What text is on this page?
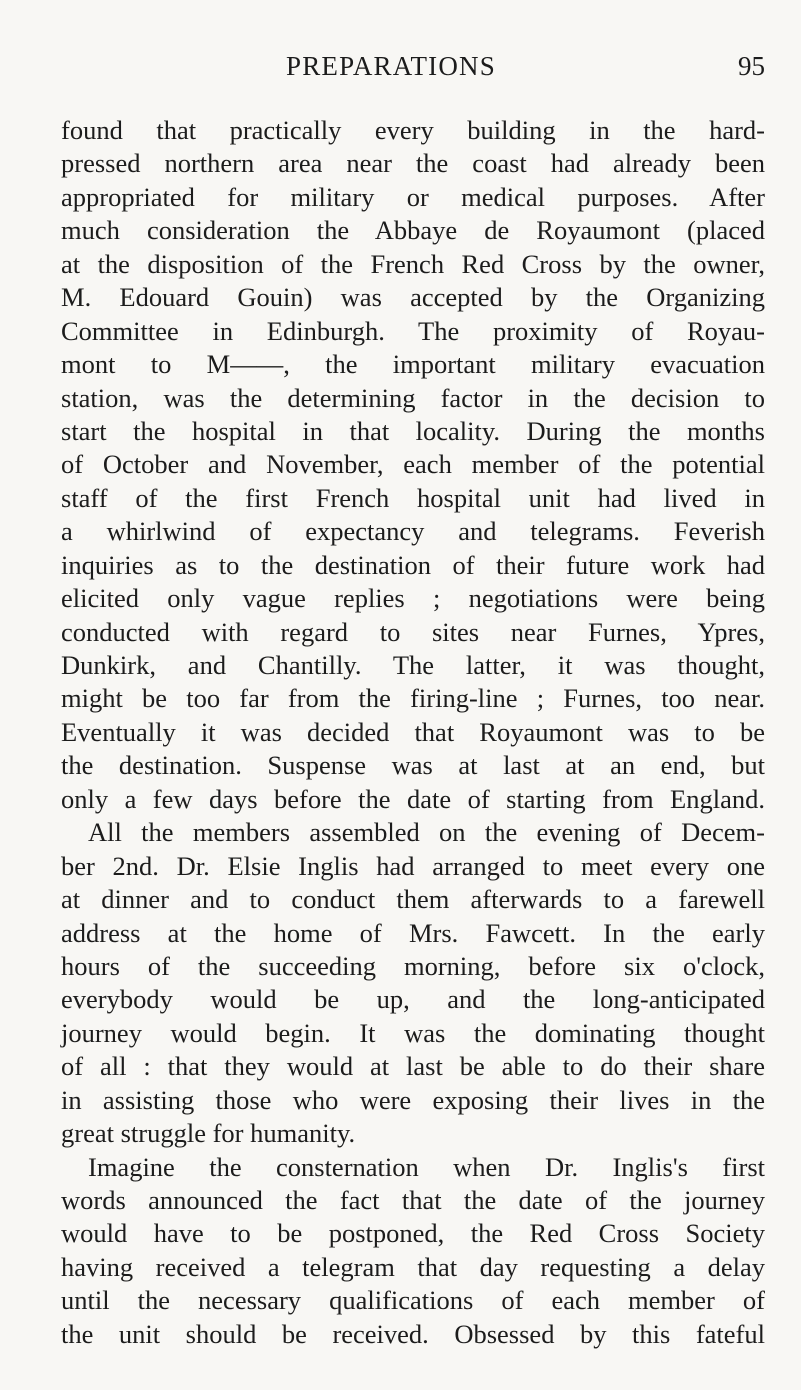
PREPARATIONS	95
found that practically every building in the hard-
pressed northern area near the coast had already been
appropriated for military or medical purposes. After
much consideration the Abbaye de Royaumont (placed
at the disposition of the French Red Cross by the owner,
M. Edouard Gouin) was accepted by the Organizing
Committee in Edinburgh. The proximity of Royau-
mont to M——, the important military evacuation
station, was the determining factor in the decision to
start the hospital in that locality. During the months
of October and November, each member of the potential
staff of the first French hospital unit had lived in
a whirlwind of expectancy and telegrams. Feverish
inquiries as to the destination of their future work had
elicited only vague replies ; negotiations were being
conducted with regard to sites near Furnes, Ypres,
Dunkirk, and Chantilly. The latter, it was thought,
might be too far from the firing-line ; Furnes, too near.
Eventually it was decided that Royaumont was to be
the destination. Suspense was at last at an end, but
only a few days before the date of starting from England.
All the members assembled on the evening of Decem-
ber 2nd. Dr. Elsie Inglis had arranged to meet every one
at dinner and to conduct them afterwards to a farewell
address at the home of Mrs. Fawcett. In the early
hours of the succeeding morning, before six o'clock,
everybody would be up, and the long-anticipated
journey would begin. It was the dominating thought
of all : that they would at last be able to do their share
in assisting those who were exposing their lives in the
great struggle for humanity.
Imagine the consternation when Dr. Inglis's first
words announced the fact that the date of the journey
would have to be postponed, the Red Cross Society
having received a telegram that day requesting a delay
until the necessary qualifications of each member of
the unit should be received. Obsessed by this fateful
